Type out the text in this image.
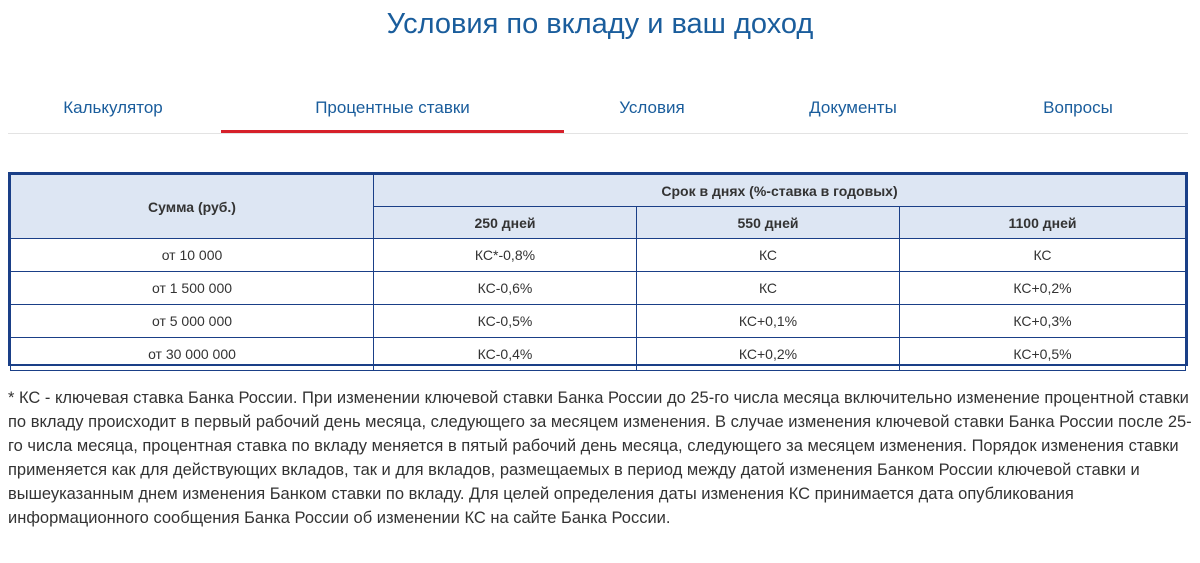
Условия по вкладу и ваш доход
Калькулятор	Процентные ставки	Условия	Документы	Вопросы
Сумма (руб.)	Срок в днях (%-ставка в годовых)		
	250 дней	550 дней	1100 дней
от 10 000	КС*-0,8%	КС	КС
от 1 500 000	КС-0,6%	КС	КС+0,2%
от 5 000 000	КС-0,5%	КС+0,1%	КС+0,3%
от 30 000 000	КС-0,4%	КС+0,2%	КС+0,5%
* КС - ключевая ставка Банка России. При изменении ключевой ставки Банка России до 25-го числа месяца включительно изменение процентной ставки по вкладу происходит в первый рабочий день месяца, следующего за месяцем изменения. В случае изменения ключевой ставки Банка России после 25-го числа месяца, процентная ставка по вкладу меняется в пятый рабочий день месяца, следующего за месяцем изменения. Порядок изменения ставки применяется как для действующих вкладов, так и для вкладов, размещаемых в период между датой изменения Банком России ключевой ставки и вышеуказанным днем изменения Банком ставки по вкладу. Для целей определения даты изменения КС принимается дата опубликования информационного сообщения Банка России об изменении КС на сайте Банка России.
